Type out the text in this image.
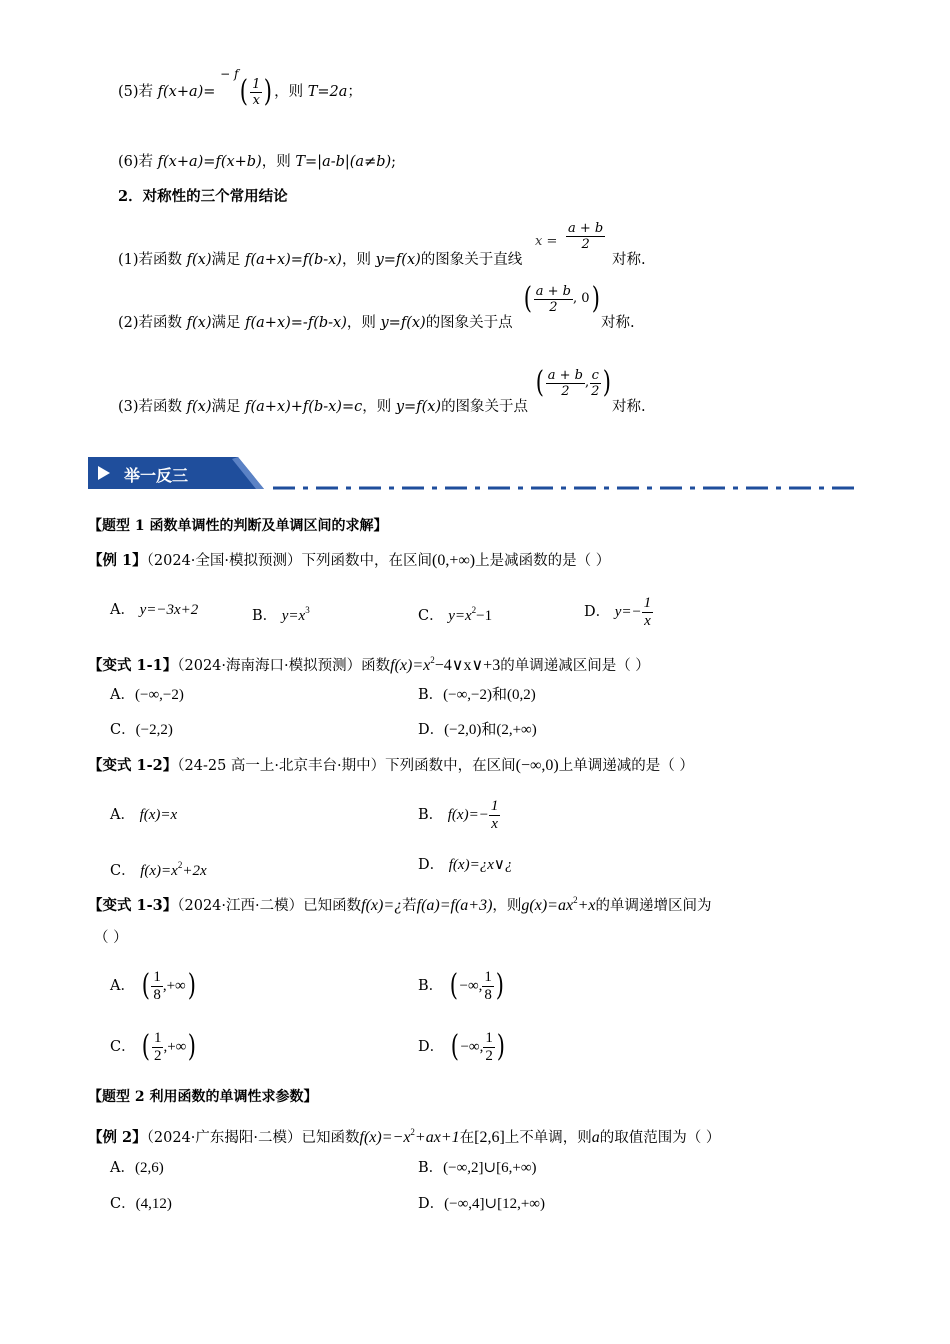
(5)若 $f(x+a)= ^{- f}( \frac{1}{x}$ ) ，则 T=2a；
(6)若 f(x+a)=f(x+b)，则 T=|a-b|(a≠b);
2．对称性的三个常用结论
(1)若函数 f(x)满足 f(a+x)=f(b-x)，则 y=f(x)的图象关于直线
$x = \frac{a + b}{2}$
对称.
(2)若函数 f(x)满足 f(a+x)=-f(b-x)，则 y=f(x)的图象关于点
( $\frac{a + b}{2}$ , 0 )
对称.
(3)若函数 f(x)满足 f(a+x)+f(b-x)=c，则 y=f(x)的图象关于点
( $\frac{a + b}{2}$ , $\frac{c}{2}$ )
对称.
举一反三
【题型 1 函数单调性的判断及单调区间的求解】
【例 1】（2024·全国·模拟预测）下列函数中，在区间(0,+∞)上是减函数的是（ ）
A． y=−3x+2	B． $y=x^3$	C． $y=x^2-1$	D．
$y=- \frac{1}{x}$
【变式 1-1】（2024·海南海口·模拟预测）函数$f(x)=x^2-4\vee x\vee+3$的单调递减区间是（ ）
A．(−∞,−2)	B．(−∞,−2)和(0,2)
C．(−2,2)	D．(−2,0)和(2,+∞)
【变式 1-2】（24-25 高一上·北京丰台·期中）下列函数中，在区间(−∞,0)上单调递减的是（ ）
A． f(x)=x	B．
$f(x)=- \frac{1}{x}$
C． $f(x)=x^2+2x$	D． f(x)=¿x∨¿
【变式 1-3】（2024·江西·二模）已知函数f(x)=¿若f(a)=f(a+3)，则$g(x)=ax^2+x$的单调递增区间为
（ ）
A．
( $\frac{1}{8}$ ,+∞ )	B．
( −∞, $\frac{1}{8}$ )
C．
( $\frac{1}{2}$ ,+∞ )	D．
( −∞, $\frac{1}{2}$ )
【题型 2 利用函数的单调性求参数】
【例 2】（2024·广东揭阳·二模）已知函数$f(x)=-x^2+ax+1$在[2,6]上不单调，则a的取值范围为（ ）
A．(2,6)	B．(−∞,2]∪[6,+∞)
C．(4,12)	D．(−∞,4]∪[12,+∞)
